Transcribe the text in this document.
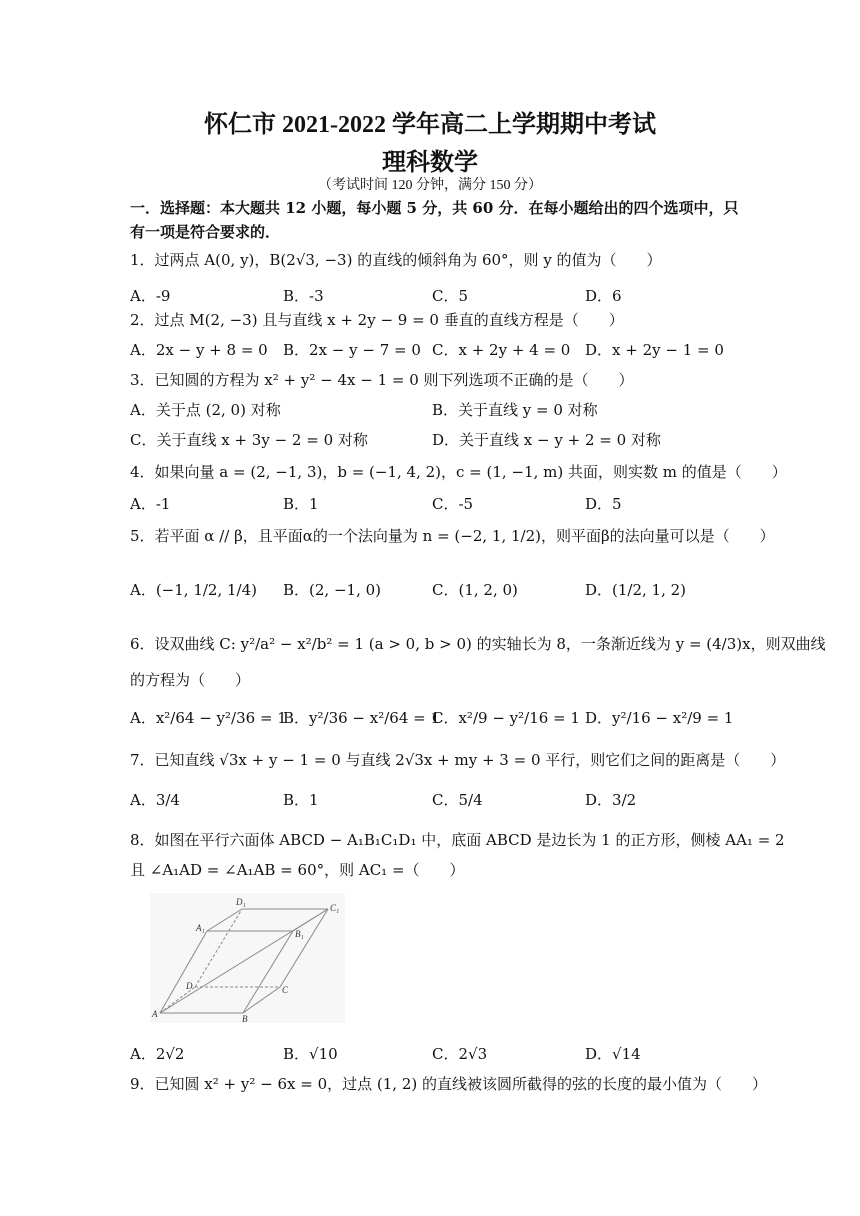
怀仁市 2021-2022 学年高二上学期期中考试
理科数学
（考试时间 120 分钟，满分 150 分）
一．选择题：本大题共 12 小题，每小题 5 分，共 60 分．在每小题给出的四个选项中，只
有一项是符合要求的．
1．过两点 A(0, y)，B(2√3, −3) 的直线的倾斜角为 60°，则 y 的值为（　　）
A．-9	B．-3	C．5	D．6
2．过点 M(2, −3) 且与直线 x + 2y − 9 = 0 垂直的直线方程是（　　）
A．2x − y + 8 = 0 B．2x − y − 7 = 0 C．x + 2y + 4 = 0 D．x + 2y − 1 = 0
3．已知圆的方程为 x² + y² − 4x − 1 = 0 则下列选项不正确的是（　　）
A．关于点 (2, 0) 对称	B．关于直线 y = 0 对称
C．关于直线 x + 3y − 2 = 0 对称	D．关于直线 x − y + 2 = 0 对称
4．如果向量 a = (2, −1, 3)，b = (−1, 4, 2)，c = (1, −1, m) 共面，则实数 m 的值是（　　）
A．-1	B．1	C．-5	D．5
5．若平面 α // β，且平面α的一个法向量为 n = (−2, 1, 1/2)，则平面β的法向量可以是（　　）
A．(−1, 1/2, 1/4) B．(2, −1, 0)	C．(1, 2, 0)	D．(1/2, 1, 2)
6．设双曲线 C: y²/a² − x²/b² = 1 (a > 0, b > 0) 的实轴长为 8，一条渐近线为 y = (4/3)x，则双曲线
的方程为（　　）
A．x²/64 − y²/36 = 1
B．y²/36 − x²/64 = 1
C．x²/9 − y²/16 = 1 D．y²/16 − x²/9 = 1
7．已知直线 √3x + y − 1 = 0 与直线 2√3x + my + 3 = 0 平行，则它们之间的距离是（　　）
A．3/4	B．1	C．5/4	D．3/2
8．如图在平行六面体 ABCD − A₁B₁C₁D₁ 中，底面 ABCD 是边长为 1 的正方形，侧棱 AA₁ = 2
且 ∠A₁AD = ∠A₁AB = 60°，则 AC₁ =（　　）
D₁
C₁
A₁
B₁
D	C
A	B
A．2√2	B．√10	C．2√3	D．√14
9．已知圆 x² + y² − 6x = 0，过点 (1, 2) 的直线被该圆所截得的弦的长度的最小值为（　　）
